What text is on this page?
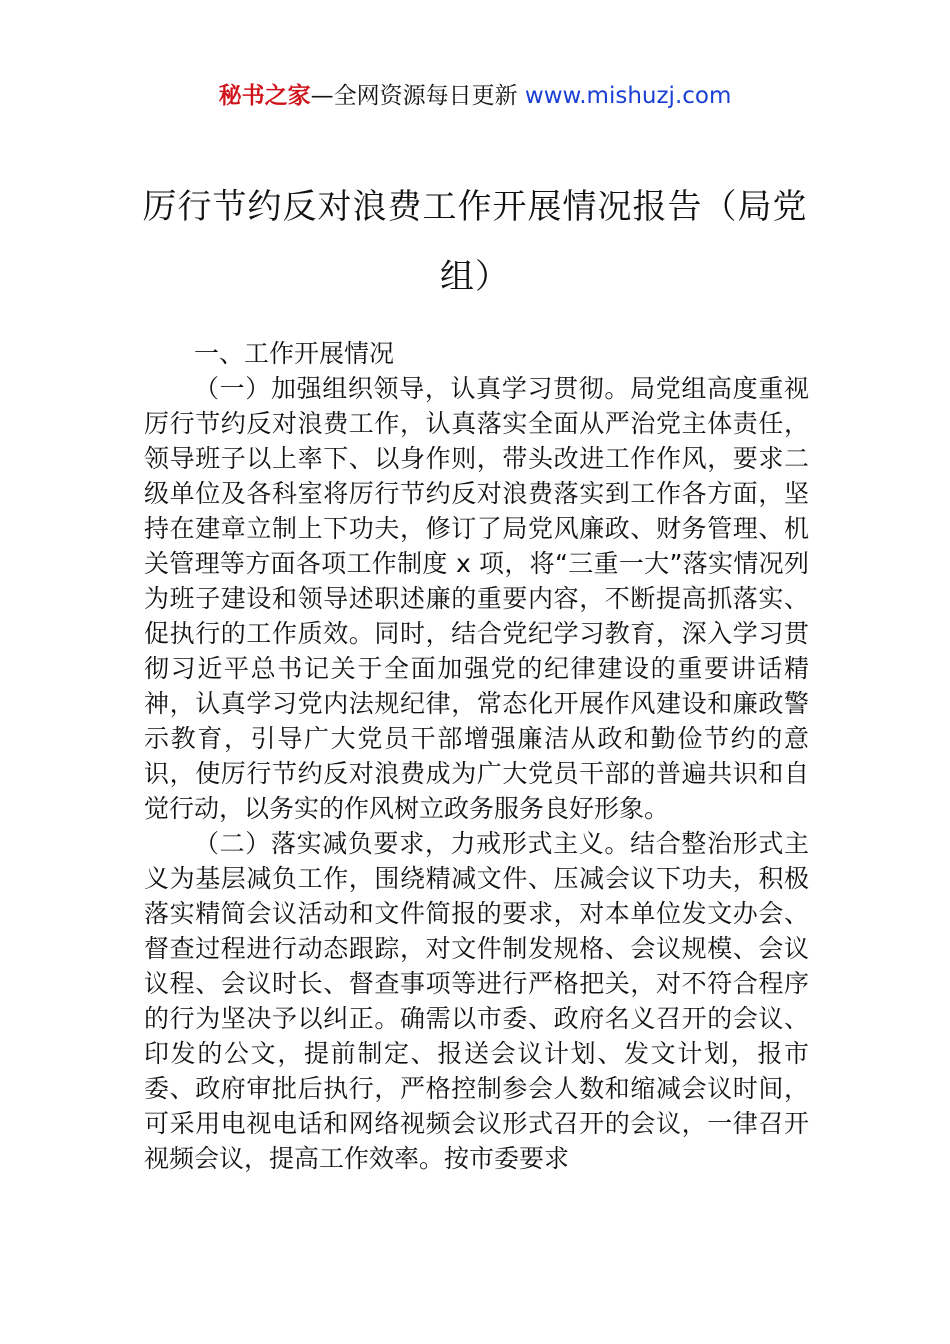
秘书之家—全网资源每日更新 www.mishuzj.com
厉行节约反对浪费工作开展情况报告（局党组）

一、工作开展情况

（一）加强组织领导，认真学习贯彻。局党组高度重视厉行节约反对浪费工作，认真落实全面从严治党主体责任，领导班子以上率下、以身作则，带头改进工作作风，要求二级单位及各科室将厉行节约反对浪费落实到工作各方面，坚持在建章立制上下功夫，修订了局党风廉政、财务管理、机关管理等方面各项工作制度 x 项，将“三重一大”落实情况列为班子建设和领导述职述廉的重要内容，不断提高抓落实、促执行的工作质效。同时，结合党纪学习教育，深入学习贯彻习近平总书记关于全面加强党的纪律建设的重要讲话精神，认真学习党内法规纪律，常态化开展作风建设和廉政警示教育，引导广大党员干部增强廉洁从政和勤俭节约的意识，使厉行节约反对浪费成为广大党员干部的普遍共识和自觉行动，以务实的作风树立政务服务良好形象。

（二）落实减负要求，力戒形式主义。结合整治形式主义为基层减负工作，围绕精减文件、压减会议下功夫，积极落实精简会议活动和文件简报的要求，对本单位发文办会、督查过程进行动态跟踪，对文件制发规格、会议规模、会议议程、会议时长、督查事项等进行严格把关，对不符合程序的行为坚决予以纠正。确需以市委、政府名义召开的会议、印发的公文，提前制定、报送会议计划、发文计划，报市委、政府审批后执行，严格控制参会人数和缩减会议时间，可采用电视电话和网络视频会议形式召开的会议，一律召开视频会议，提高工作效率。按市委要求
